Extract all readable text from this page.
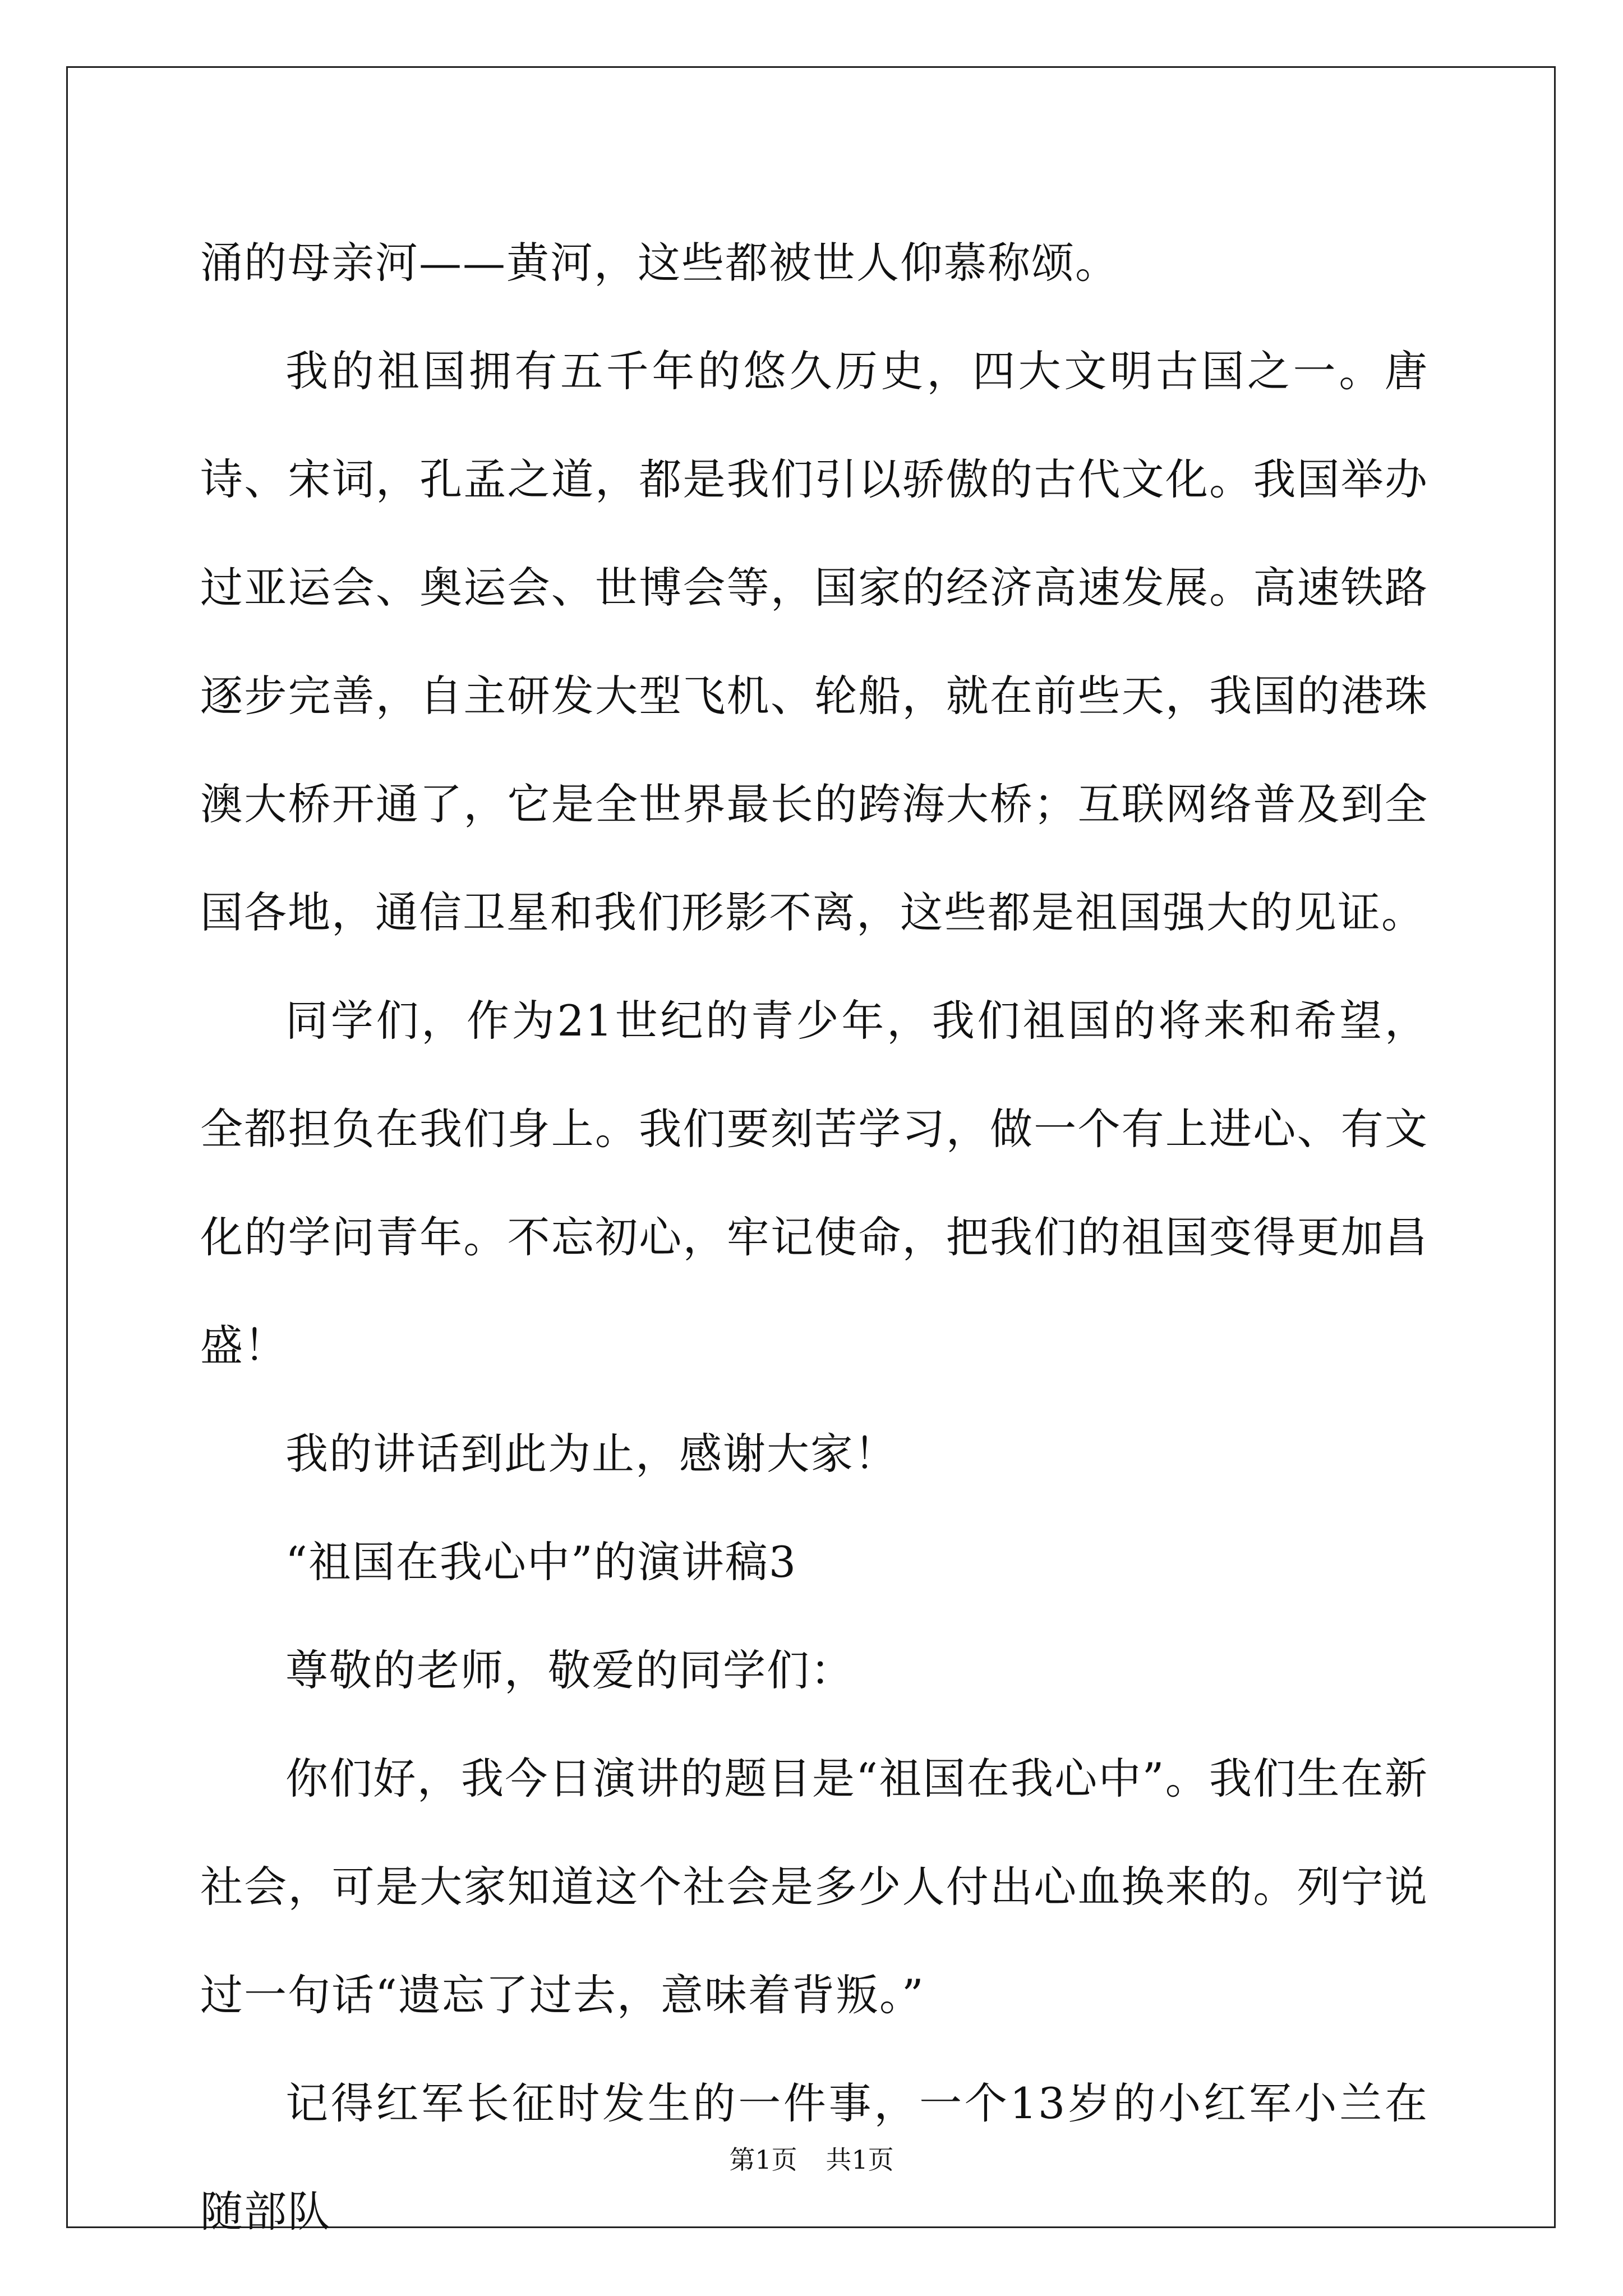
涌的母亲河——黄河，这些都被世人仰慕称颂。

我的祖国拥有五千年的悠久历史，四大文明古国之一。唐诗、宋词，孔孟之道，都是我们引以骄傲的古代文化。我国举办过亚运会、奥运会、世博会等，国家的经济高速发展。高速铁路逐步完善，自主研发大型飞机、轮船，就在前些天，我国的港珠澳大桥开通了，它是全世界最长的跨海大桥；互联网络普及到全国各地，通信卫星和我们形影不离，这些都是祖国强大的见证。

同学们，作为21世纪的青少年，我们祖国的将来和希望，全都担负在我们身上。我们要刻苦学习，做一个有上进心、有文化的学问青年。不忘初心，牢记使命，把我们的祖国变得更加昌盛！

我的讲话到此为止，感谢大家！

“祖国在我心中”的演讲稿3

尊敬的老师，敬爱的同学们：

你们好，我今日演讲的题目是“祖国在我心中”。我们生在新社会，可是大家知道这个社会是多少人付出心血换来的。列宁说过一句话“遗忘了过去，意味着背叛。”

记得红军长征时发生的一件事，一个13岁的小红军小兰在随部队

第1页 共1页
